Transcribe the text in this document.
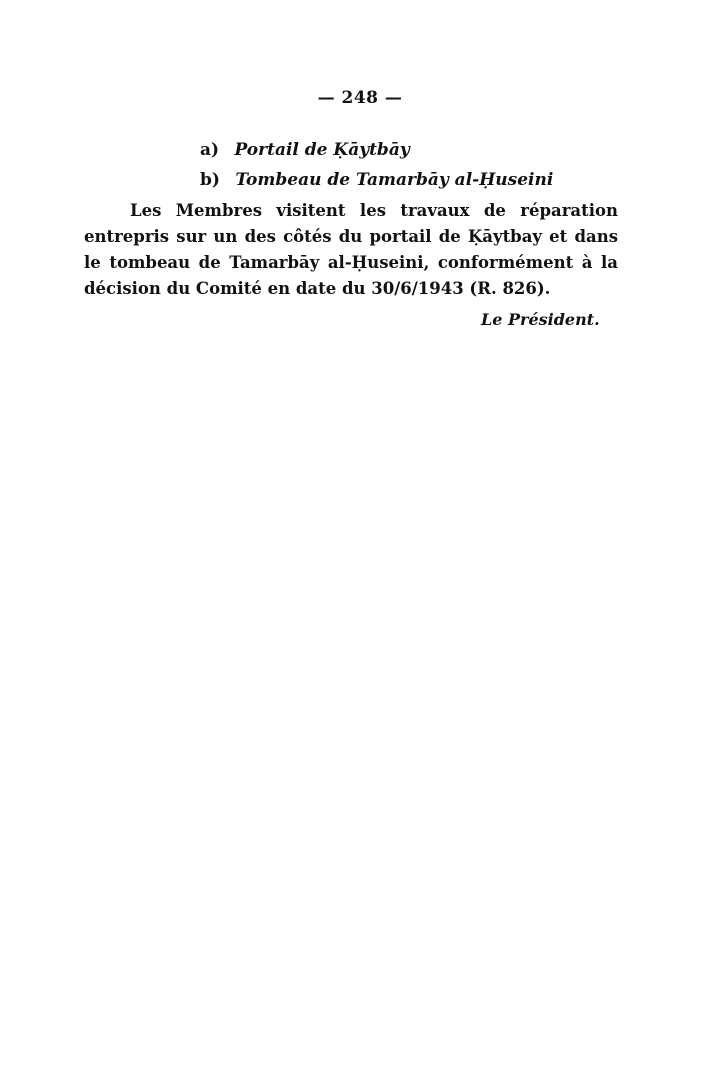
— 248 —
a) Portail de Ḳāytbāy
b) Tombeau de Tamarbāy al-Ḥuseini

Les Membres visitent les travaux de réparation entrepris sur un des côtés du portail de Ḳāytbay et dans le tombeau de Tamarbāy al-Ḥuseini, conformément à la décision du Comité en date du 30/6/1943 (R. 826).

Le Président.
